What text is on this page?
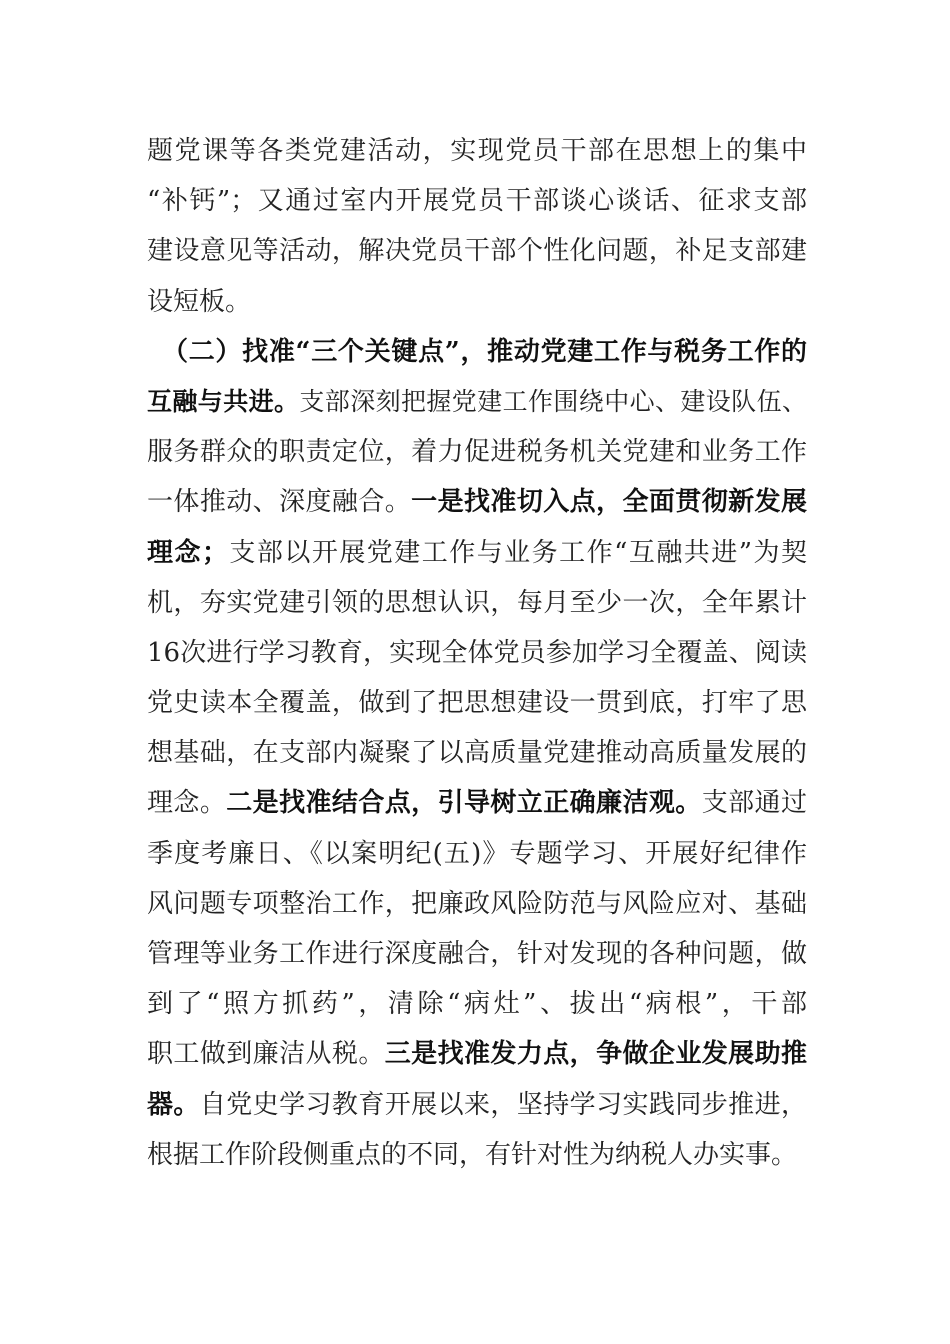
题党课等各类党建活动，实现党员干部在思想上的集中
“补钙”；又通过室内开展党员干部谈心谈话、征求支部
建设意见等活动，解决党员干部个性化问题，补足支部建
设短板。
（二）找准“三个关键点”，推动党建工作与税务工作的
互融与共进。支部深刻把握党建工作围绕中心、建设队伍、
服务群众的职责定位，着力促进税务机关党建和业务工作
一体推动、深度融合。一是找准切入点，全面贯彻新发展
理念；支部以开展党建工作与业务工作“互融共进”为契
机，夯实党建引领的思想认识，每月至少一次，全年累计
16次进行学习教育，实现全体党员参加学习全覆盖、阅读
党史读本全覆盖，做到了把思想建设一贯到底，打牢了思
想基础，在支部内凝聚了以高质量党建推动高质量发展的
理念。二是找准结合点，引导树立正确廉洁观。支部通过
季度考廉日、《以案明纪(五)》专题学习、开展好纪律作
风问题专项整治工作，把廉政风险防范与风险应对、基础
管理等业务工作进行深度融合，针对发现的各种问题，做
到了“照方抓药”，清除“病灶”、拔出“病根”，干部
职工做到廉洁从税。三是找准发力点，争做企业发展助推
器。自党史学习教育开展以来，坚持学习实践同步推进，
根据工作阶段侧重点的不同，有针对性为纳税人办实事。
